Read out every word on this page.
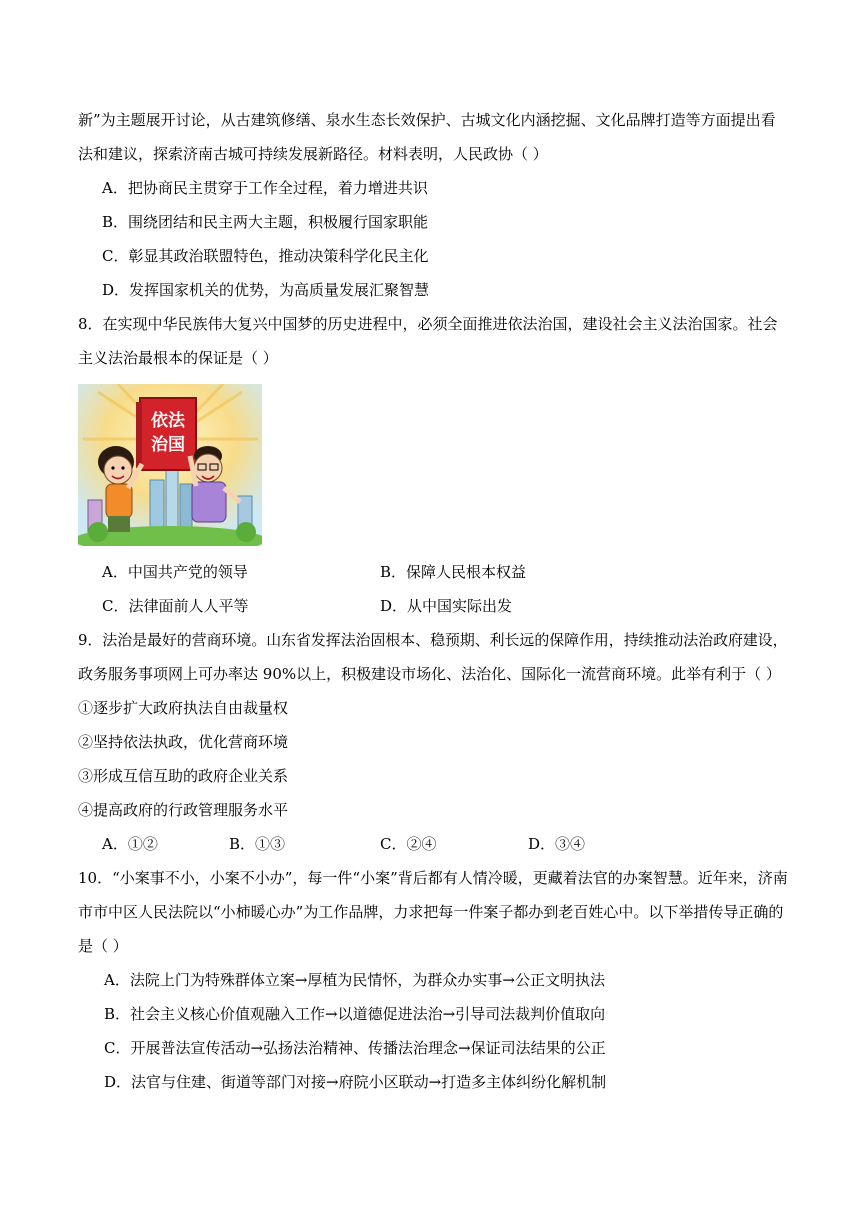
新”为主题展开讨论，从古建筑修缮、泉水生态长效保护、古城文化内涵挖掘、文化品牌打造等方面提出看
法和建议，探索济南古城可持续发展新路径。材料表明，人民政协（ ）
A．把协商民主贯穿于工作全过程，着力增进共识
B．围绕团结和民主两大主题，积极履行国家职能
C．彰显其政治联盟特色，推动决策科学化民主化
D．发挥国家机关的优势，为高质量发展汇聚智慧
8．在实现中华民族伟大复兴中国梦的历史进程中，必须全面推进依法治国，建设社会主义法治国家。社会
主义法治最根本的保证是（ ）
依法
治国
A．中国共产党的领导	B．保障人民根本权益
C．法律面前人人平等	D．从中国实际出发
9．法治是最好的营商环境。山东省发挥法治固根本、稳预期、利长远的保障作用，持续推动法治政府建设，
政务服务事项网上可办率达 90%以上，积极建设市场化、法治化、国际化一流营商环境。此举有利于（ ）
①逐步扩大政府执法自由裁量权
②坚持依法执政，优化营商环境
③形成互信互助的政府企业关系
④提高政府的行政管理服务水平
A．①②	B．①③	C．②④	D．③④
10．“小案事不小，小案不小办”，每一件“小案”背后都有人情冷暖，更藏着法官的办案智慧。近年来，济南
市市中区人民法院以“小柿暖心办”为工作品牌，力求把每一件案子都办到老百姓心中。以下举措传导正确的
是（ ）
A．法院上门为特殊群体立案→厚植为民情怀，为群众办实事→公正文明执法
B．社会主义核心价值观融入工作→以道德促进法治→引导司法裁判价值取向
C．开展普法宣传活动→弘扬法治精神、传播法治理念→保证司法结果的公正
D．法官与住建、街道等部门对接→府院小区联动→打造多主体纠纷化解机制
